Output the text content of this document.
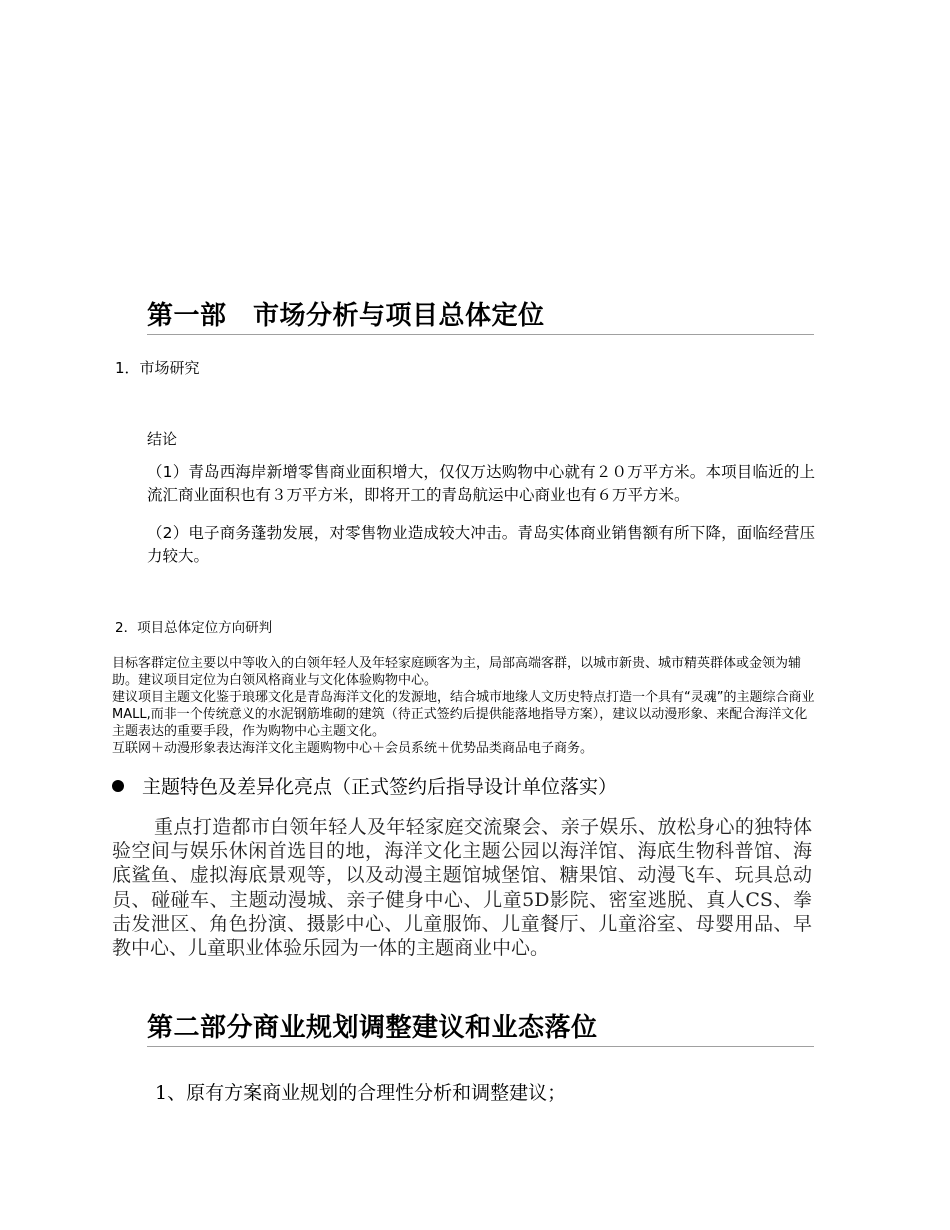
第一部　市场分析与项目总体定位
1．市场研究
结论

（1）青岛西海岸新增零售商业面积增大，仅仅万达购物中心就有２０万平方米。本项目临近的上流汇商业面积也有３万平方米，即将开工的青岛航运中心商业也有６万平方米。

（2）电子商务蓬勃发展，对零售物业造成较大冲击。青岛实体商业销售额有所下降，面临经营压力较大。

2．项目总体定位方向研判

目标客群定位主要以中等收入的白领年轻人及年轻家庭顾客为主，局部高端客群，以城市新贵、城市精英群体或金领为辅助。建议项目定位为白领风格商业与文化体验购物中心。

建议项目主题文化鉴于琅琊文化是青岛海洋文化的发源地，结合城市地缘人文历史特点打造一个具有“灵魂”的主题综合商业 MALL,而非一个传统意义的水泥钢筋堆砌的建筑（待正式签约后提供能落地指导方案），建议以动漫形象、来配合海洋文化主题表达的重要手段，作为购物中心主题文化。

互联网＋动漫形象表达海洋文化主题购物中心＋会员系统＋优势品类商品电子商务。

主题特色及差异化亮点（正式签约后指导设计单位落实）

重点打造都市白领年轻人及年轻家庭交流聚会、亲子娱乐、放松身心的独特体验空间与娱乐休闲首选目的地，海洋文化主题公园以海洋馆、海底生物科普馆、海底鲨鱼、虚拟海底景观等，以及动漫主题馆城堡馆、糖果馆、动漫飞车、玩具总动员、碰碰车、主题动漫城、亲子健身中心、儿童5D影院、密室逃脱、真人CS、拳击发泄区、角色扮演、摄影中心、儿童服饰、儿童餐厅、儿童浴室、母婴用品、早教中心、儿童职业体验乐园为一体的主题商业中心。

第二部分商业规划调整建议和业态落位
1、原有方案商业规划的合理性分析和调整建议；
